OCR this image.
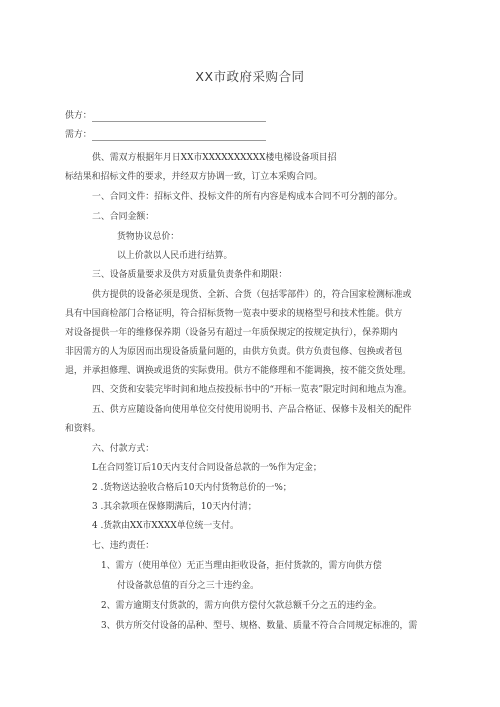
XX市政府采购合同
供方：
需方：
供、需双方根据年月日XX市XXXXXXXXXX楼电梯设备项目招
标结果和招标文件的要求，并经双方协调一致，订立本采购合同。
一、合同文件：招标文件、投标文件的所有内容是构成本合同不可分割的部分。
二、合同金额：
货物协议总价：
以上价款以人民币进行结算。
三、设备质量要求及供方对质量负责条件和期限：
供方提供的设备必须是现货、全新、合货（包括零部件）的，符合国家检测标准或
具有中国商检部门合格证明，符合招标货物一览表中要求的规格型号和技术性能。供方
对设备提供一年的维修保养期（设备另有超过一年质保规定的按规定执行），保养期内
非因需方的人为原因而出现设备质量问题的，由供方负责。供方负责包修、包换或者包
退，并承担修理、调换或退货的实际费用。供方不能修理和不能调换，按不能交货处理。
四、交货和安装完毕时间和地点按投标书中的“开标一览表”限定时间和地点为准。
五、供方应随设备向使用单位交付使用说明书、产品合格证、保修卡及相关的配件
和资料。
六、付款方式：
L在合同签订后10天内支付合同设备总款的一%作为定金；
2 .货物送达验收合格后10天内付货物总价的一%；
3 .其余款项在保修期满后，10天内付清；
4 .货款由XX市XXXX单位统一支付。
七、违约责任：
1、需方（使用单位）无正当理由拒收设备，拒付货款的，需方向供方偿
付设备款总值的百分之三十违约金。
2、需方逾期支付货款的，需方向供方偿付欠款总额千分之五的违约金。
3、供方所交付设备的品种、型号、规格、数量、质量不符合合同规定标准的，需
